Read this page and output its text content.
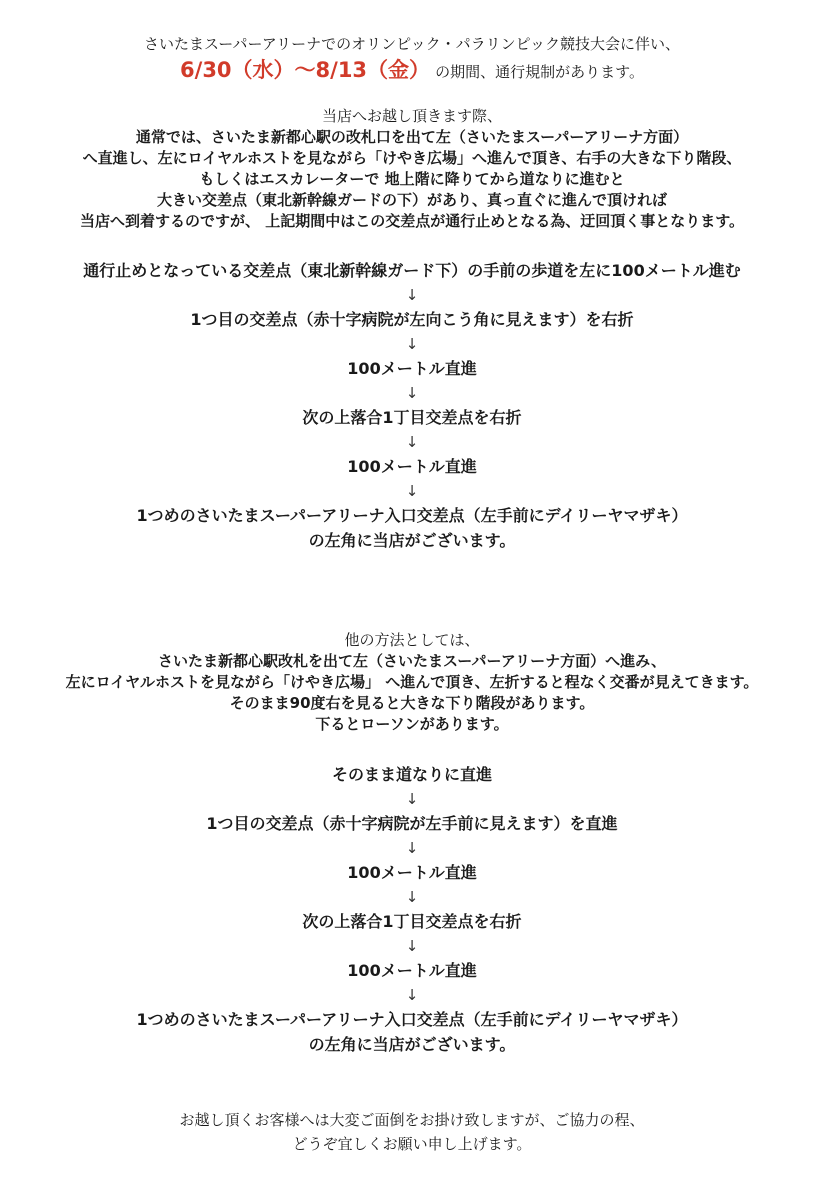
さいたまスーパーアリーナでのオリンピック・パラリンピック競技大会に伴い、
6/30（水）〜8/13（金） の期間、通行規制があります。
当店へお越し頂きます際、
通常では、さいたま新都心駅の改札口を出て左（さいたまスーパーアリーナ方面）
へ直進し、左にロイヤルホストを見ながら「けやき広場」へ進んで頂き、右手の大きな下り階段、
もしくはエスカレーターで 地上階に降りてから道なりに進むと
大きい交差点（東北新幹線ガードの下）があり、真っ直ぐに進んで頂ければ
当店へ到着するのですが、 上記期間中はこの交差点が通行止めとなる為、迂回頂く事となります。
通行止めとなっている交差点（東北新幹線ガード下）の手前の歩道を左に100メートル進む
↓
1つ目の交差点（赤十字病院が左向こう角に見えます）を右折
↓
100メートル直進
↓
次の上落合1丁目交差点を右折
↓
100メートル直進
↓
1つめのさいたまスーパーアリーナ入口交差点（左手前にデイリーヤマザキ）
の左角に当店がございます。
他の方法としては、
さいたま新都心駅改札を出て左（さいたまスーパーアリーナ方面）へ進み、
左にロイヤルホストを見ながら「けやき広場」 へ進んで頂き、左折すると程なく交番が見えてきます。
そのまま90度右を見ると大きな下り階段があります。
下るとローソンがあります。
そのまま道なりに直進
↓
1つ目の交差点（赤十字病院が左手前に見えます）を直進
↓
100メートル直進
↓
次の上落合1丁目交差点を右折
↓
100メートル直進
↓
1つめのさいたまスーパーアリーナ入口交差点（左手前にデイリーヤマザキ）
の左角に当店がございます。
お越し頂くお客様へは大変ご面倒をお掛け致しますが、ご協力の程、
どうぞ宜しくお願い申し上げます。
